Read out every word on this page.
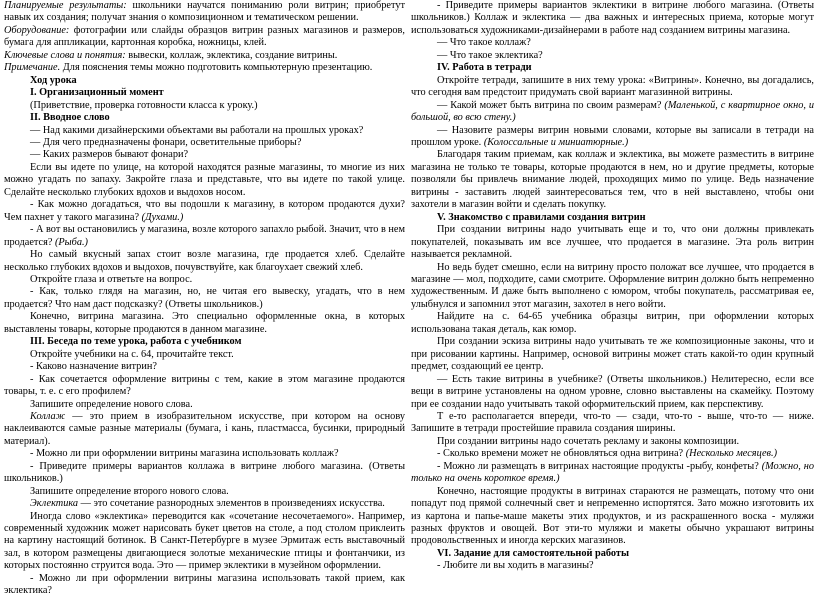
Планируемые результаты: школьники научатся пониманию роли витрин; приобретут навык их создания; получат знания о композиционном и тематическом решении.

Оборудование: фотографии или слайды образцов витрин разных магазинов и размеров, бумага для аппликации, картонная коробка, ножницы, клей.

Ключевые слова и понятия: вывески, коллаж, эклектика, создание витрины.

Примечание. Для пояснения темы можно подготовить компьютерную презентацию.

Ход урока

I. Организационный момент

(Приветствие, проверка готовности класса к уроку.)

II. Вводное слово

— Над какими дизайнерскими объектами вы работали на прошлых уроках?

— Для чего предназначены фонари, осветительные приборы?

— Каких размеров бывают фонари?

Если вы идете по улице, на которой находятся разные магазины, то многие из них можно угадать по запаху. Закройте глаза и представьте, что вы идете по такой улице. Сделайте несколько глубоких вдохов и выдохов носом.

- Как можно догадаться, что вы подошли к магазину, в котором продаются духи? Чем пахнет у такого магазина? (Духами.)

- А вот вы остановились у магазина, возле которого запахло рыбой. Значит, что в нем продается? (Рыба.)

Но самый вкусный запах стоит возле магазина, где продается хлеб. Сделайте несколько глубоких вдохов и выдохов, почувствуйте, как благоухает свежий хлеб.

Откройте глаза и ответьте на вопрос.

- Как, только глядя на магазин, но, не читая его вывеску, угадать, что в нем продается? Что нам даст подсказку? (Ответы школьников.)

Конечно, витрина магазина. Это специально оформленные окна, в которых выставлены товары, которые продаются в данном магазине.

III. Беседа по теме урока, работа с учебником

Откройте учебники на с. 64, прочитайте текст.

- Каково назначение витрин?

- Как сочетается оформление витрины с тем, какие в этом магазине продаются товары, т. е. с его профилем?

Запишите определение нового слова.

Коллаж — это прием в изобразительном искусстве, при котором на основу наклеиваются самые разные материалы (бумага, і кань, пластмасса, бусинки, природный материал).

- Можно ли при оформлении витрины магазина использовать коллаж?

- Приведите примеры вариантов коллажа в витрине любого магазина. (Ответы школьников.)

Запишите определение второго нового слова.

Эклектика — это сочетание разнородных элементов в произведениях искусства.

Иногда слово «эклектика» переводится как «сочетание несочетаемого». Например, современный художник может нарисовать букет цветов на столе, а под столом приклеить на картину настоящий ботинок. В Санкт-Петербурге в музее Эрмитаж есть выставочный зал, в котором размещены двигающиеся золотые механические птицы и фонтанчики, из которых постоянно струится вода. Это — пример эклектики в музейном оформлении.

- Можно ли при оформлении витрины магазина использовать такой прием, как эклектика?

- Приведите примеры вариантов эклектики в витрине любого магазина. (Ответы школьников.) Коллаж и эклектика — два важных и интересных приема, которые могут использоваться художниками-дизайнерами в работе над созданием витрины магазина.

— Что такое коллаж?

— Что такое эклектика?

IV. Работа в тетради

Откройте тетради, запишите в них тему урока: «Витрины». Конечно, вы догадались, что сегодня вам предстоит придумать свой вариант магазинной витрины.

— Какой может быть витрина по своим размерам? (Маленькой, с квартирное окно, и большой, во всю стену.)

— Назовите размеры витрин новыми словами, которые вы записали в тетради на прошлом уроке. (Колоссальные и миниатюрные.)

Благодаря таким приемам, как коллаж и эклектика, вы можете разместить в витрине магазина не только те товары, которые продаются в нем, но и другие предметы, которые позволяли бы привлечь внимание людей, проходящих мимо по улице. Ведь назначение витрины - заставить людей заинтересоваться тем, что в ней выставлено, чтобы они захотели в магазин войти и сделать покупку.

V. Знакомство с правилами создания витрин

При создании витрины надо учитывать еще и то, что они должны привлекать покупателей, показывать им все лучшее, что продается в магазине. Эта роль витрин называется рекламной.

Но ведь будет смешно, если на витрину просто положат все лучшее, что продается в магазине — мол, подходите, сами смотрите. Оформление витрин должно быть непременно художественным. И даже быть выполнено с юмором, чтобы покупатель, рассматривая ее, улыбнулся и запомнил этот магазин, захотел в него войти.

Найдите на с. 64-65 учебника образцы витрин, при оформлении которых использована такая деталь, как юмор.

При создании эскиза витрины надо учитывать те же композиционные законы, что и при рисовании картины. Например, основой витрины может стать какой-то один крупный предмет, создающий ее центр.

— Есть такие витрины в учебнике? (Ответы школьников.) Нелитересно, если все вещи в витрине установлены на одном уровне, словно выставлены на скамейку. Поэтому при ее создании надо учитывать такой оформительский прием, как перспективу.

Т е-то располагается впереди, что-то — сзади, что-то - выше, что-то — ниже. Запишите в тетради простейшие правила создания ширины.

При создании витрины надо сочетать рекламу и законы композиции.

- Сколько времени может не обновляться одна витрина? (Несколько месяцев.)

- Можно ли размещать в витринах настоящие продукты -рыбу, конфеты? (Можно, но только на очень короткое время.)

Конечно, настоящие продукты в витринах стараются не размещать, потому что они попадут под прямой солнечный свет и непременно испортятся. Зато можно изготовить их из картона и папье-маше макеты этих продуктов, и из раскрашенного воска - муляжи разных фруктов и овощей. Вот эти-то муляжи и макеты обычно украшают витрины продовольственных и иногда керских магазинов.

VI. Задание для самостоятельной работы

- Любите ли вы ходить в магазины?
